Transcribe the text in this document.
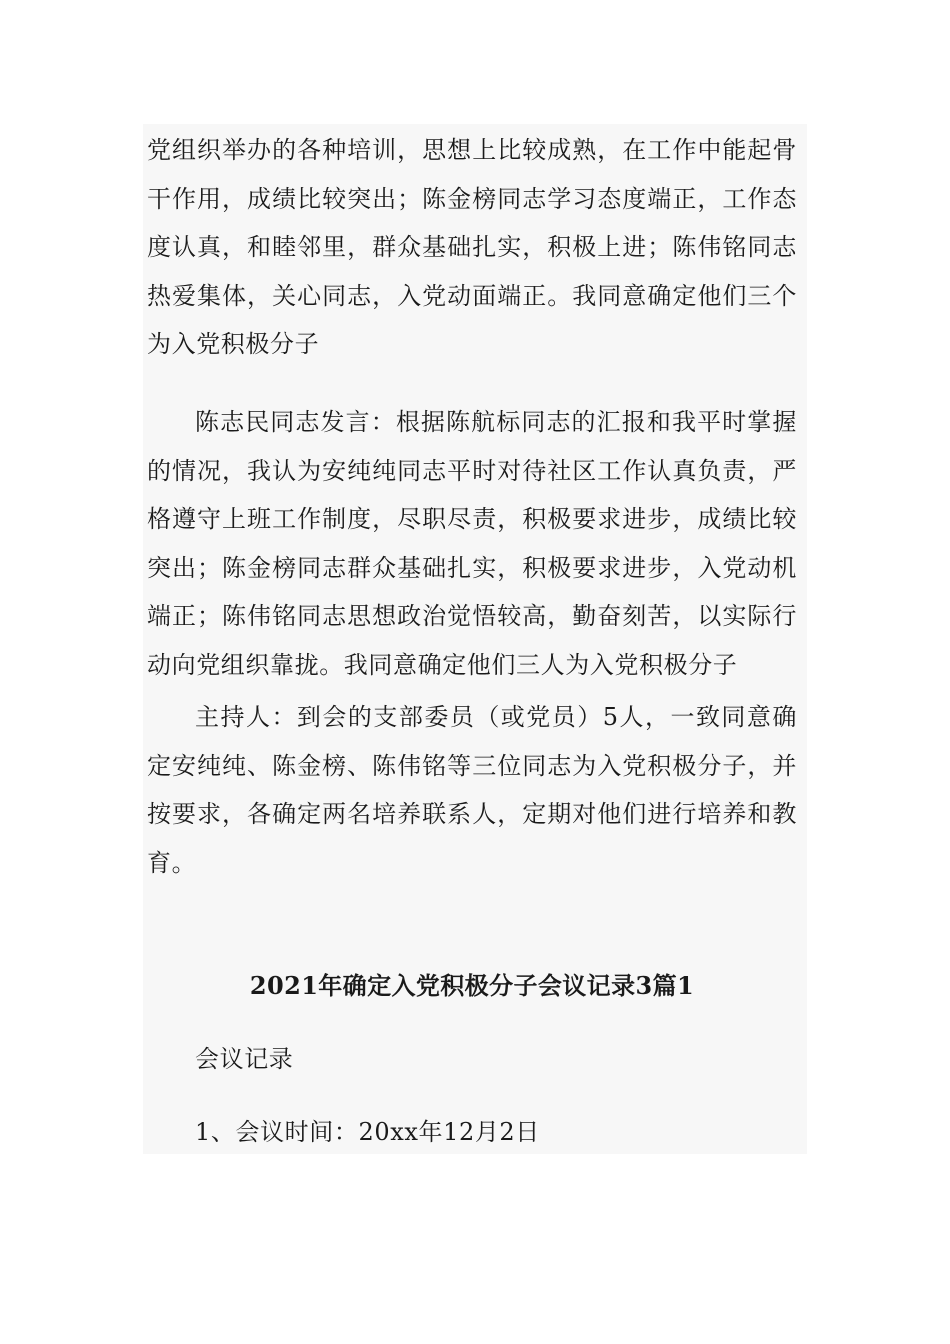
党组织举办的各种培训，思想上比较成熟，在工作中能起骨干作用，成绩比较突出；陈金榜同志学习态度端正，工作态度认真，和睦邻里，群众基础扎实，积极上进；陈伟铭同志热爱集体，关心同志，入党动面端正。我同意确定他们三个为入党积极分子

陈志民同志发言：根据陈航标同志的汇报和我平时掌握的情况，我认为安纯纯同志平时对待社区工作认真负责，严格遵守上班工作制度，尽职尽责，积极要求进步，成绩比较突出；陈金榜同志群众基础扎实，积极要求进步，入党动机端正；陈伟铭同志思想政治觉悟较高，勤奋刻苦，以实际行动向党组织靠拢。我同意确定他们三人为入党积极分子

主持人：到会的支部委员（或党员）5人，一致同意确定安纯纯、陈金榜、陈伟铭等三位同志为入党积极分子，并按要求，各确定两名培养联系人，定期对他们进行培养和教育。

2021年确定入党积极分子会议记录3篇1

会议记录

1、会议时间：20xx年12月2日
